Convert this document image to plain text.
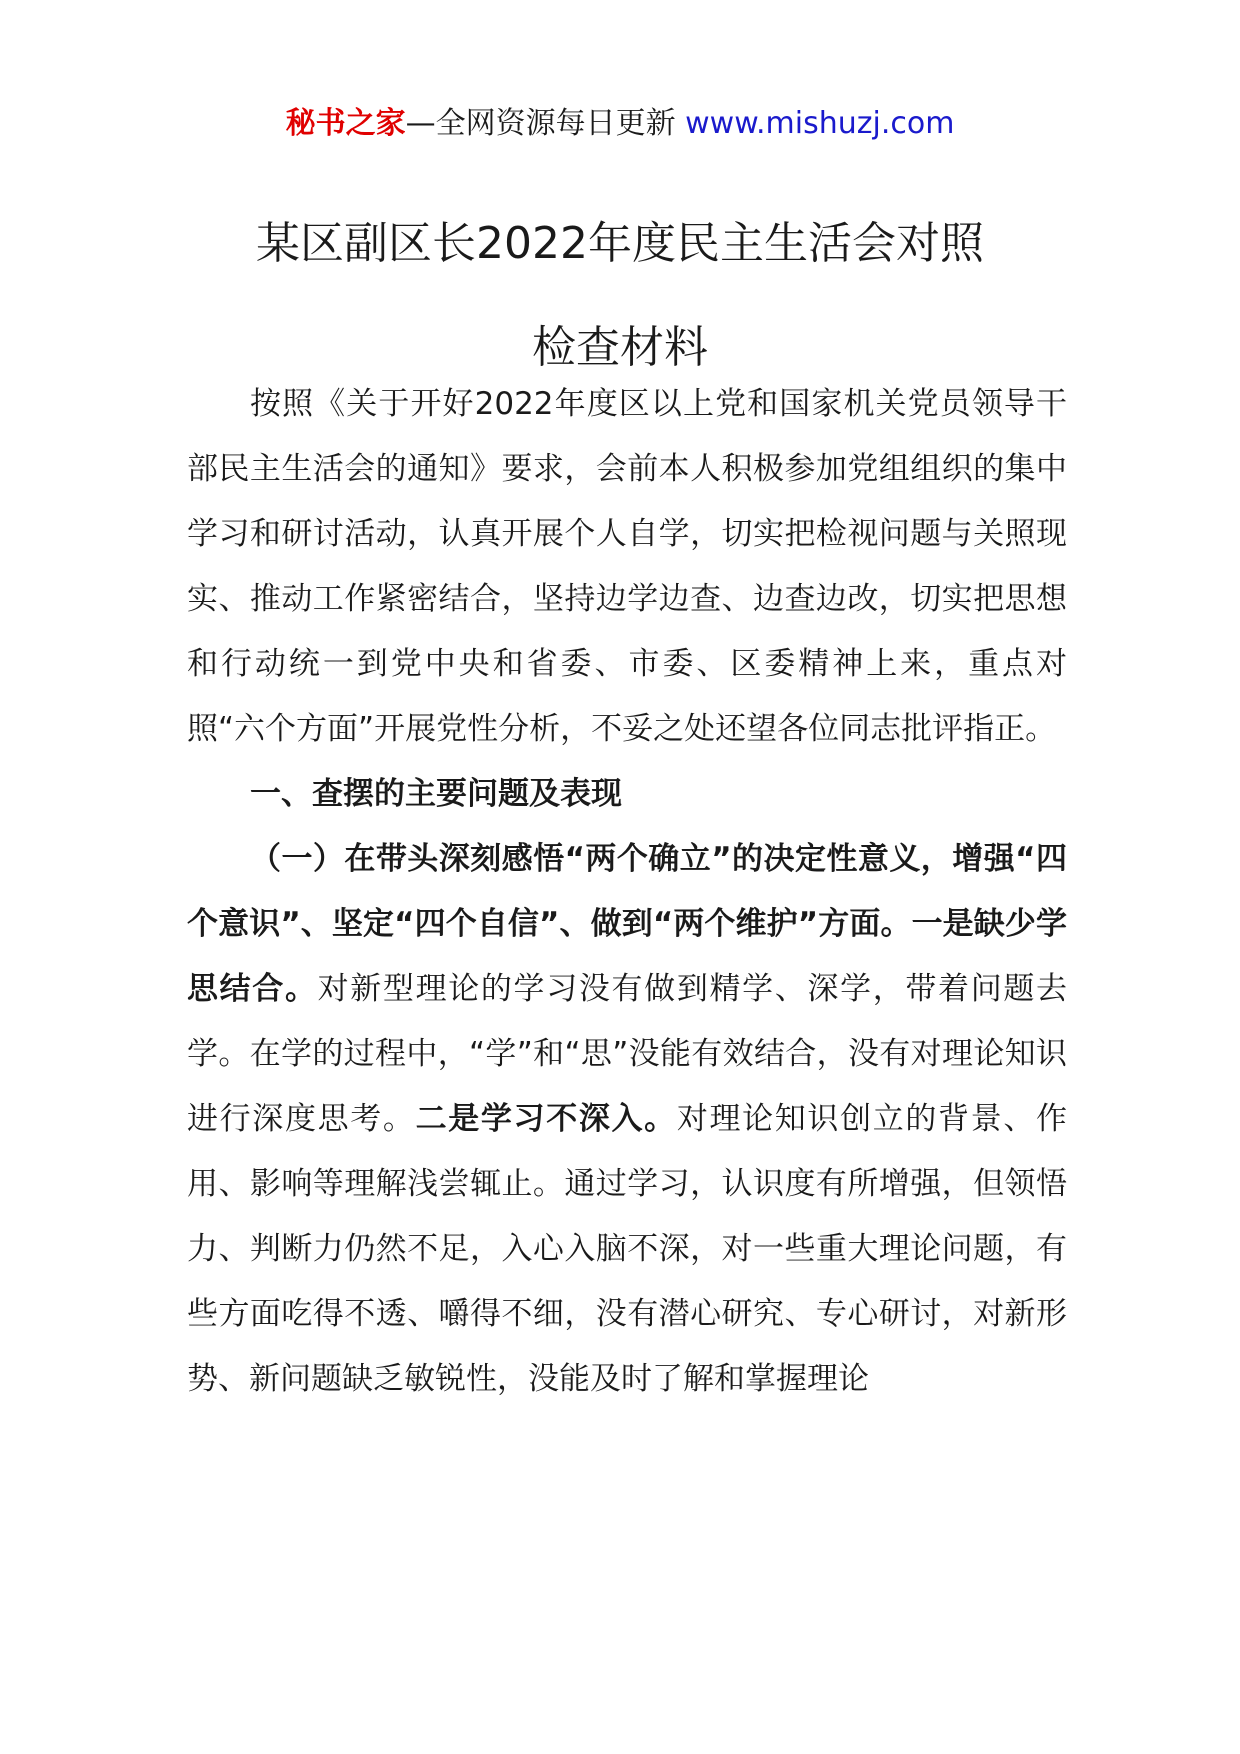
秘书之家—全网资源每日更新 www.mishuzj.com
某区副区长2022年度民主生活会对照
检查材料

按照《关于开好2022年度区以上党和国家机关党员领导干部民主生活会的通知》要求，会前本人积极参加党组组织的集中学习和研讨活动，认真开展个人自学，切实把检视问题与关照现实、推动工作紧密结合，坚持边学边查、边查边改，切实把思想和行动统一到党中央和省委、市委、区委精神上来，重点对照“六个方面”开展党性分析，不妥之处还望各位同志批评指正。

一、查摆的主要问题及表现

（一）在带头深刻感悟“两个确立”的决定性意义，增强“四个意识”、坚定“四个自信”、做到“两个维护”方面。一是缺少学思结合。对新型理论的学习没有做到精学、深学，带着问题去学。在学的过程中，“学”和“思”没能有效结合，没有对理论知识进行深度思考。二是学习不深入。对理论知识创立的背景、作用、影响等理解浅尝辄止。通过学习，认识度有所增强，但领悟力、判断力仍然不足，入心入脑不深，对一些重大理论问题，有些方面吃得不透、嚼得不细，没有潜心研究、专心研讨，对新形势、新问题缺乏敏锐性，没能及时了解和掌握理论
